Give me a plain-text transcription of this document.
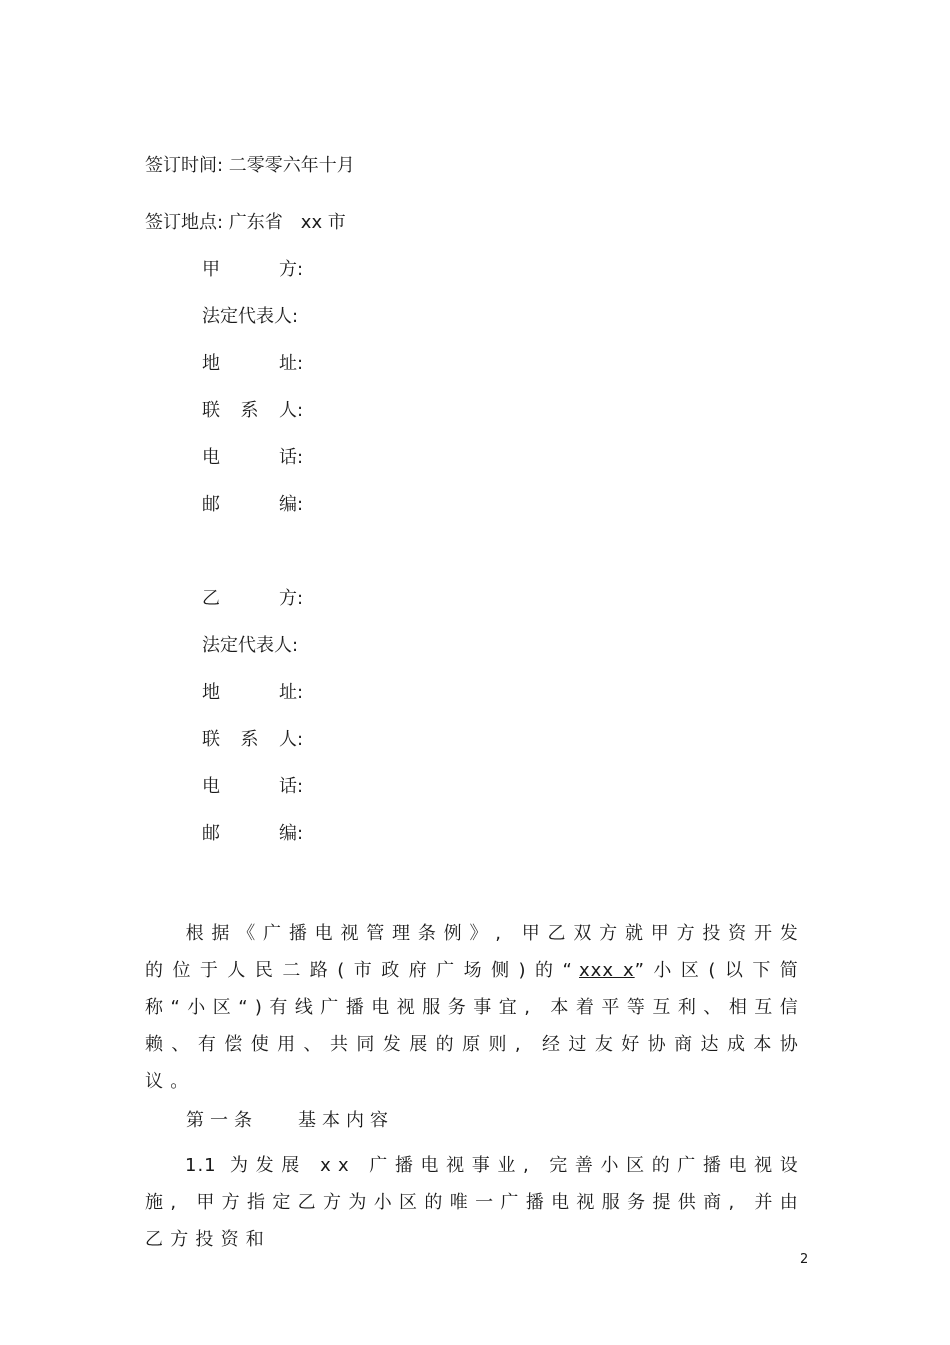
签订时间: 二零零六年十月
签订地点: 广东省　xx 市
甲	方 :
法定代表人:
地	址 :
联 系 人 :
电	话 :
邮	编 :
乙	方 :
法定代表人:
地	址 :
联 系 人 :
电	话 :
邮	编 :
根据《广播电视管理条例》, 甲乙双方就甲方投资开发的位于人民二路(市政府广场侧)的“xxx x”小区(以下简称“小区“)有线广播电视服务事宜, 本着平等互利、相互信赖、有偿使用、共同发展的原则, 经过友好协商达成本协议。
第一条 基本内容
1.1 为发展 xx 广播电视事业, 完善小区的广播电视设施, 甲方指定乙方为小区的唯一广播电视服务提供商, 并由乙方投资和
2
